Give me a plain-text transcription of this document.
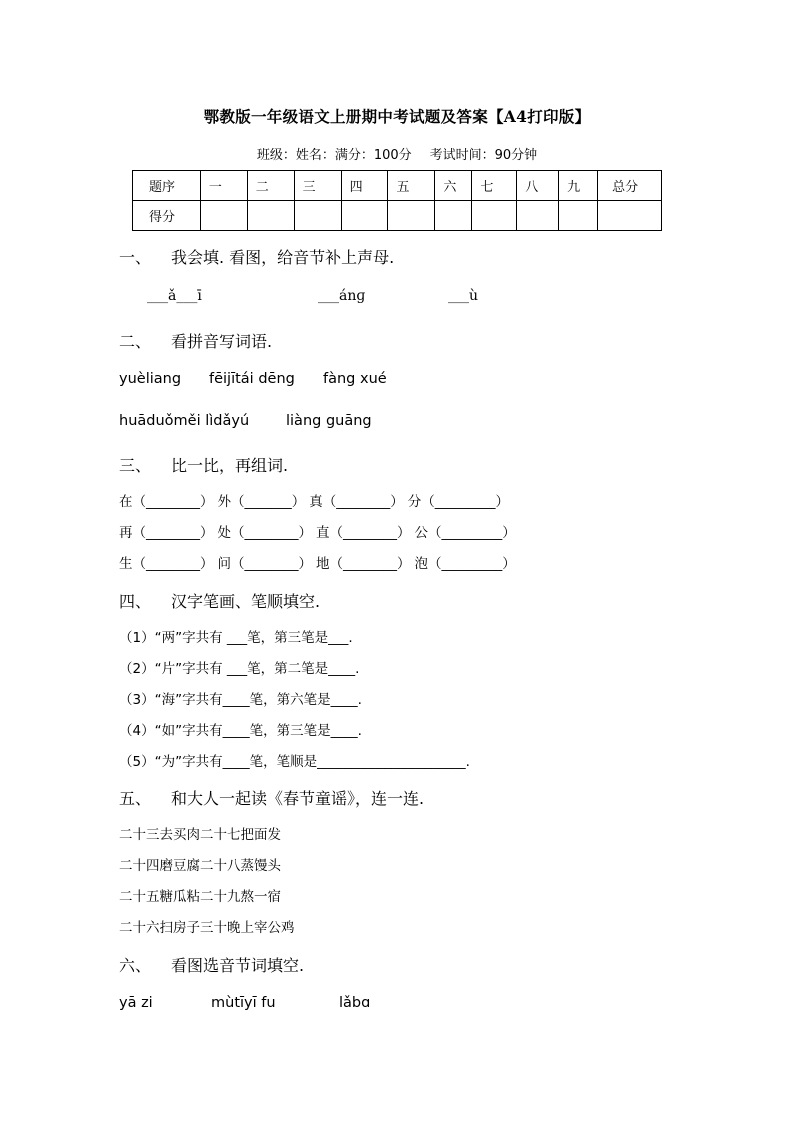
鄂教版一年级语文上册期中考试题及答案【A4打印版】
班级：姓名：满分：100分 考试时间：90分钟
题序	一	二	三	四	五	六	七	八	九	总分
得分										
一、 我会填. 看图，给音节补上声母.
___ǎ___ī	___ánɡ	___ù
二、 看拼音写词语.
yuèliang fēijītái dēng fàng xué
huāduǒměi lìdǎyú	liàng guāng
三、 比一比，再组词.
在（________） 外（_______） 真（________） 分（_________）
再（________） 处（________） 直（________） 公（_________）
生（________） 问（________） 地（________） 泡（_________）
四、 汉字笔画、笔顺填空.
（1）“两”字共有 ___笔，第三笔是___.
（2）“片”字共有 ___笔，第二笔是____.
（3）“海”字共有____笔，第六笔是____.
（4）“如”字共有____笔，第三笔是____.
（5）“为”字共有____笔，笔顺是______________________.
五、 和大人一起读《春节童谣》，连一连.
二十三去买肉二十七把面发
二十四磨豆腐二十八蒸馒头
二十五糖瓜粘二十九熬一宿
二十六扫房子三十晚上宰公鸡
六、 看图选音节词填空.
yā zi	mùtīyī fu	lǎbɑ
